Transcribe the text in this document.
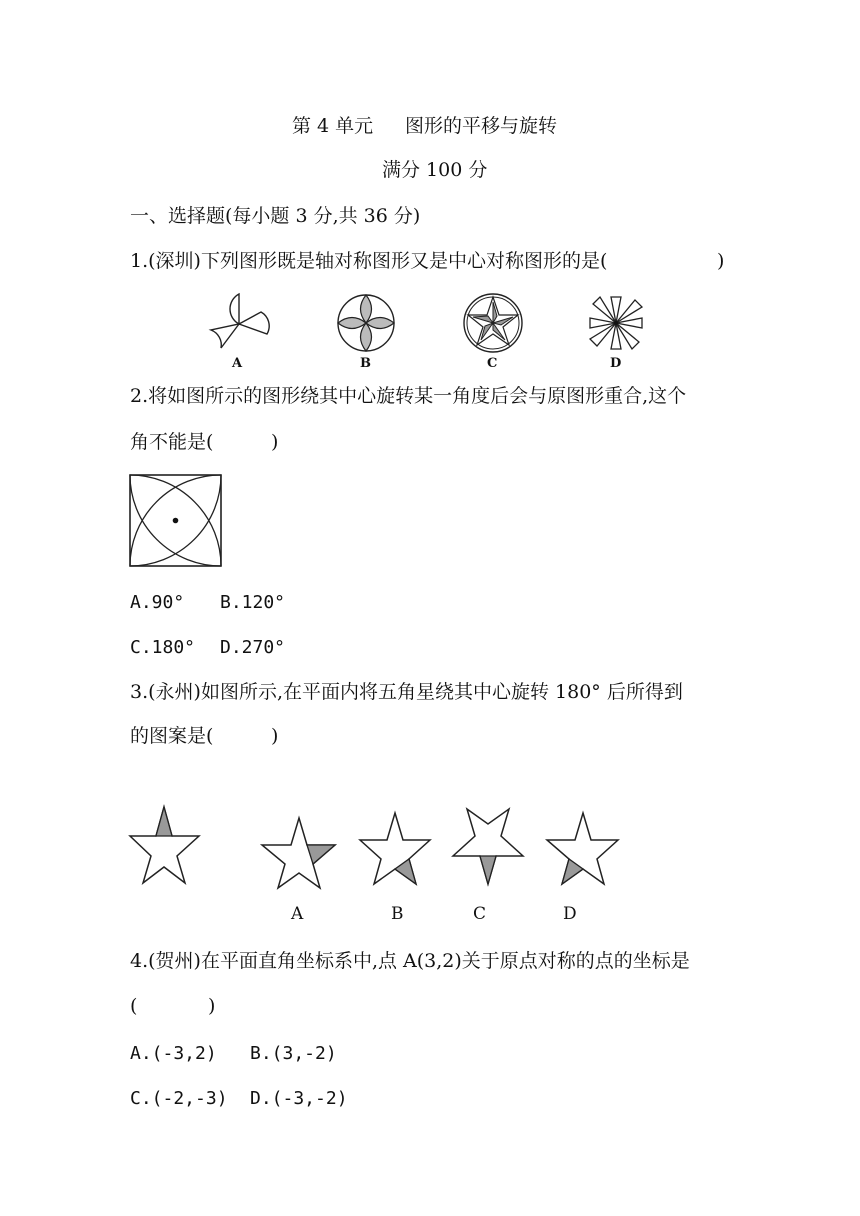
第 4 单元 图形的平移与旋转
满分 100 分
一、选择题(每小题 3 分,共 36 分)
1.(深圳)下列图形既是轴对称图形又是中心对称图形的是(	)
A	B	C	D
2.将如图所示的图形绕其中心旋转某一角度后会与原图形重合,这个
角不能是(	)
A.90° B.120°
C.180° D.270°
3.(永州)如图所示,在平面内将五角星绕其中心旋转 180° 后所得到
的图案是(	)
A	B	C	D
4.(贺州)在平面直角坐标系中,点 A(3,2)关于原点对称的点的坐标是
(	)
A.(-3,2) B.(3,-2)
C.(-2,-3) D.(-3,-2)
